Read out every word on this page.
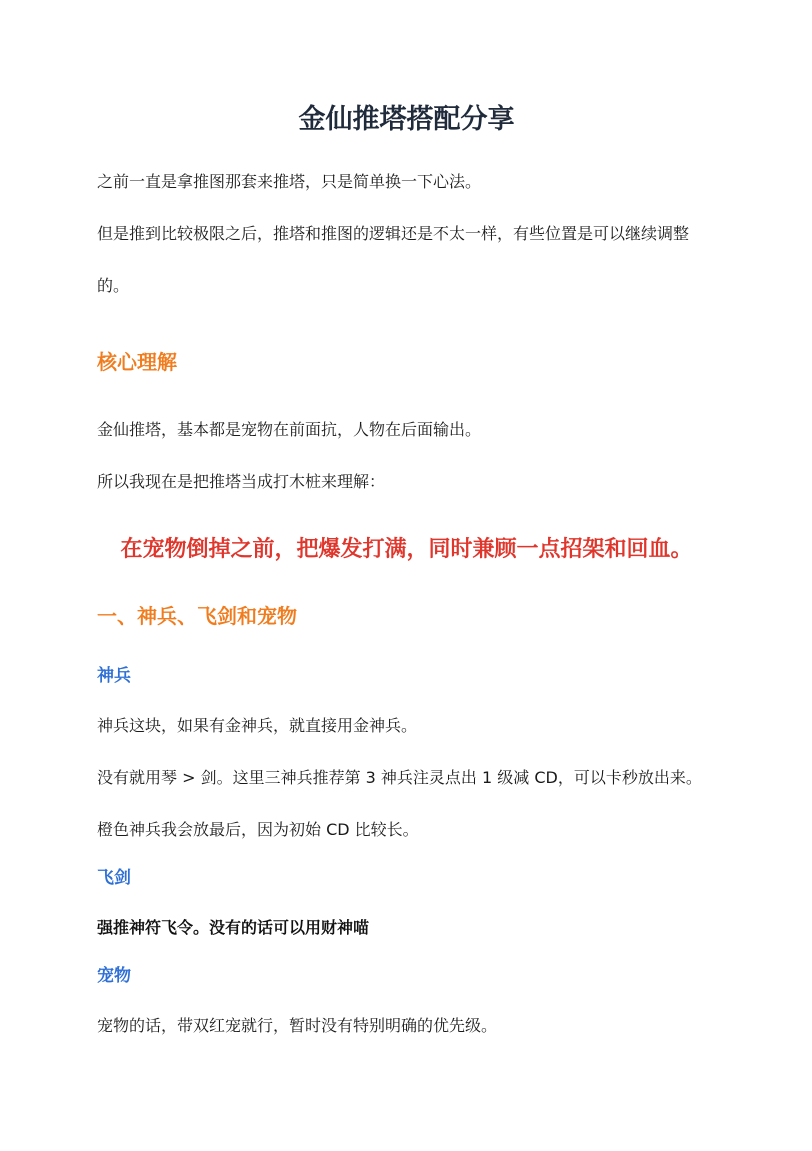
金仙推塔搭配分享

之前一直是拿推图那套来推塔，只是简单换一下心法。

但是推到比较极限之后，推塔和推图的逻辑还是不太一样，有些位置是可以继续调整的。

核心理解

金仙推塔，基本都是宠物在前面抗，人物在后面输出。

所以我现在是把推塔当成打木桩来理解：

在宠物倒掉之前，把爆发打满，同时兼顾一点招架和回血。
一、神兵、飞剑和宠物
神兵

神兵这块，如果有金神兵，就直接用金神兵。

没有就用琴 > 剑。这里三神兵推荐第 3 神兵注灵点出 1 级减 CD，可以卡秒放出来。

橙色神兵我会放最后，因为初始 CD 比较长。

飞剑

强推神符飞令。没有的话可以用财神喵

宠物

宠物的话，带双红宠就行，暂时没有特别明确的优先级。
